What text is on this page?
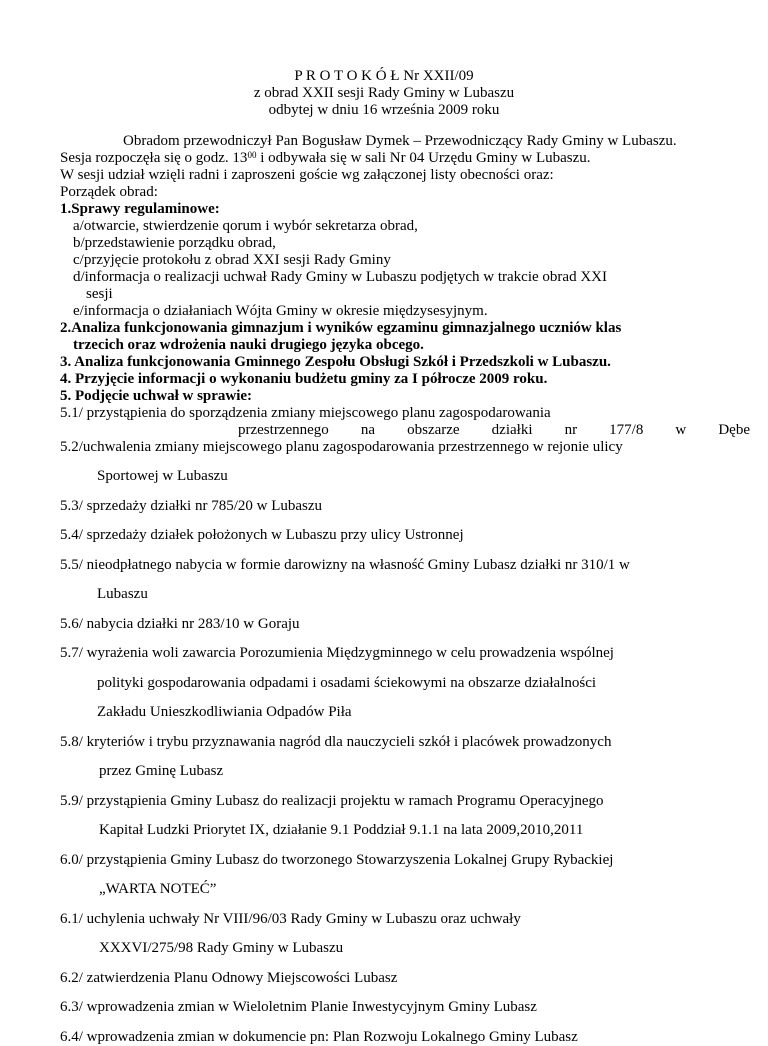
P R O T O K Ó Ł Nr XXII/09
z obrad XXII sesji Rady Gminy w Lubaszu
odbytej w dniu 16 września 2009 roku
Obradom przewodniczył Pan Bogusław Dymek – Przewodniczący Rady Gminy w Lubaszu.
Sesja rozpoczęła się o godz. $13^{00}$ i odbywała się w sali Nr 04 Urzędu Gminy w Lubaszu.
W sesji udział wzięli radni i zaproszeni goście wg załączonej listy obecności oraz:
Porządek obrad:
1.Sprawy regulaminowe:
a/otwarcie, stwierdzenie qorum i wybór sekretarza obrad,
b/przedstawienie porządku obrad,
c/przyjęcie protokołu z obrad XXI sesji Rady Gminy
d/informacja o realizacji uchwał Rady Gminy w Lubaszu podjętych w trakcie obrad XXI
sesji
e/informacja o działaniach Wójta Gminy w okresie międzysesyjnym.
2.Analiza funkcjonowania gimnazjum i wyników egzaminu gimnazjalnego uczniów klas
trzecich oraz wdrożenia nauki drugiego języka obcego.
3. Analiza funkcjonowania Gminnego Zespołu Obsługi Szkół i Przedszkoli w Lubaszu.
4. Przyjęcie informacji o wykonaniu budżetu gminy za I półrocze 2009 roku.
5. Podjęcie uchwał w sprawie:
5.1/ przystąpienia do sporządzenia zmiany miejscowego planu zagospodarowania
przestrzennego na obszarze działki nr 177/8 w Dębe
5.2/uchwalenia zmiany miejscowego planu zagospodarowania przestrzennego w rejonie ulicy
Sportowej w Lubaszu
5.3/ sprzedaży działki nr 785/20 w Lubaszu
5.4/ sprzedaży działek położonych w Lubaszu przy ulicy Ustronnej
5.5/ nieodpłatnego nabycia w formie darowizny na własność Gminy Lubasz działki nr 310/1 w
Lubaszu
5.6/ nabycia działki nr 283/10 w Goraju
5.7/ wyrażenia woli zawarcia Porozumienia Międzygminnego w celu prowadzenia wspólnej
polityki gospodarowania odpadami i osadami ściekowymi na obszarze działalności
Zakładu Unieszkodliwiania Odpadów Piła
5.8/ kryteriów i trybu przyznawania nagród dla nauczycieli szkół i placówek prowadzonych
przez Gminę Lubasz
5.9/ przystąpienia Gminy Lubasz do realizacji projektu w ramach Programu Operacyjnego
Kapitał Ludzki Priorytet IX, działanie 9.1 Poddział 9.1.1 na lata 2009,2010,2011
6.0/ przystąpienia Gminy Lubasz do tworzonego Stowarzyszenia Lokalnej Grupy Rybackiej
„WARTA NOTEĆ”
6.1/ uchylenia uchwały Nr VIII/96/03 Rady Gminy w Lubaszu oraz uchwały
XXXVI/275/98 Rady Gminy w Lubaszu
6.2/ zatwierdzenia Planu Odnowy Miejscowości Lubasz
6.3/ wprowadzenia zmian w Wieloletnim Planie Inwestycyjnym Gminy Lubasz
6.4/ wprowadzenia zmian w dokumencie pn: Plan Rozwoju Lokalnego Gminy Lubasz
